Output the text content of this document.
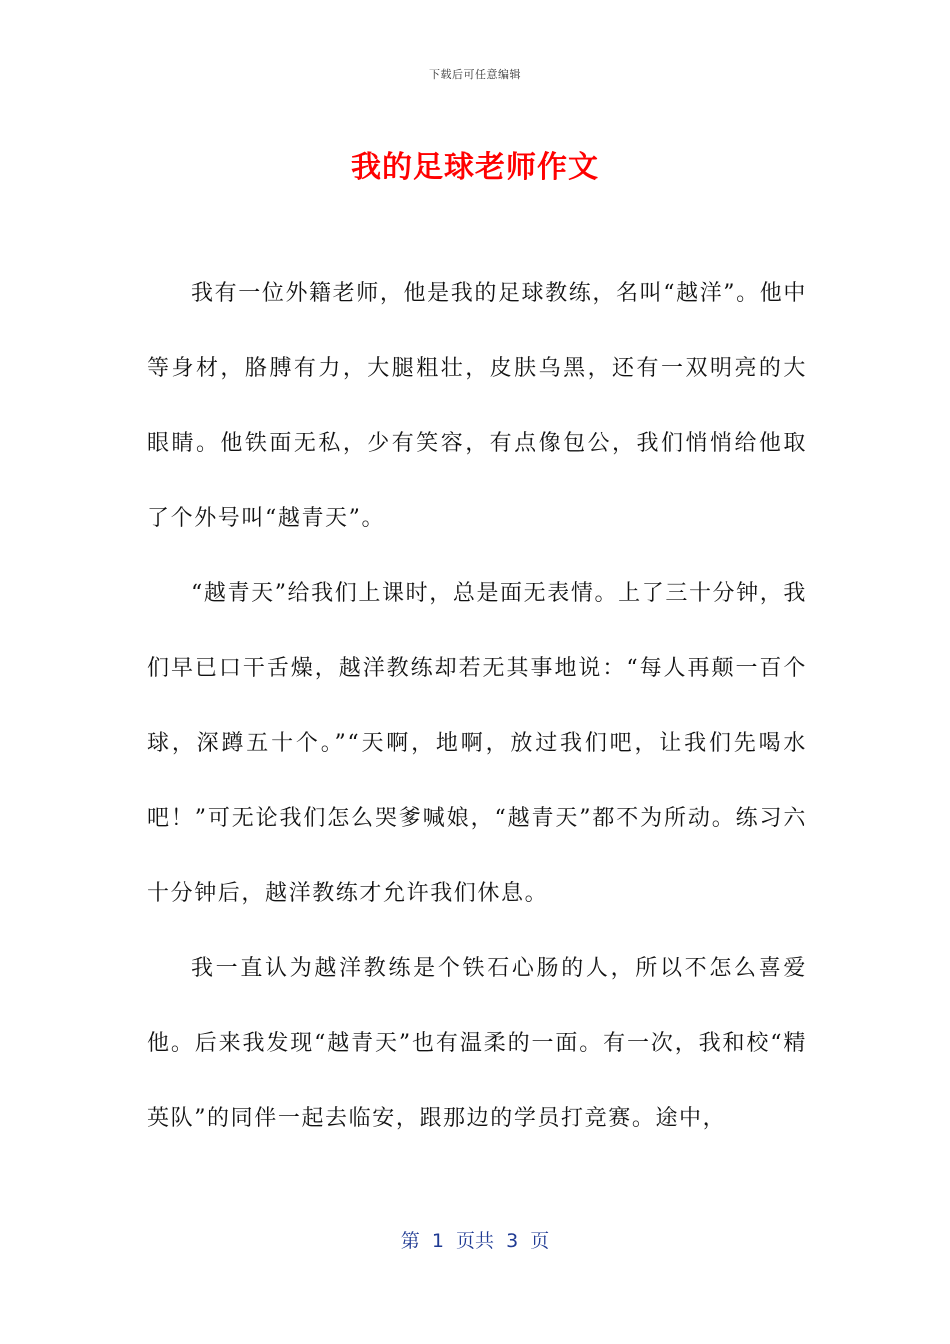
下载后可任意编辑
我的足球老师作文

我有一位外籍老师，他是我的足球教练，名叫“越洋”。他中等身材，胳膊有力，大腿粗壮，皮肤乌黑，还有一双明亮的大眼睛。他铁面无私，少有笑容，有点像包公，我们悄悄给他取了个外号叫“越青天”。

“越青天”给我们上课时，总是面无表情。上了三十分钟，我们早已口干舌燥，越洋教练却若无其事地说：“每人再颠一百个球，深蹲五十个。”“天啊，地啊，放过我们吧，让我们先喝水吧！”可无论我们怎么哭爹喊娘，“越青天”都不为所动。练习六十分钟后，越洋教练才允许我们休息。

我一直认为越洋教练是个铁石心肠的人，所以不怎么喜爱他。后来我发现“越青天”也有温柔的一面。有一次，我和校“精英队”的同伴一起去临安，跟那边的学员打竞赛。途中，

第  1  页共  3  页
